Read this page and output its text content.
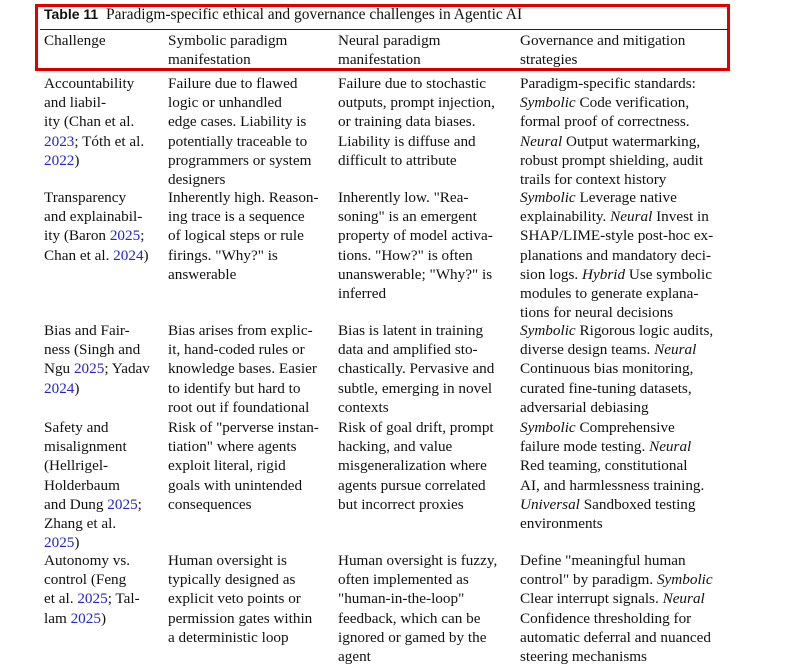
Table 11 Paradigm-specific ethical and governance challenges in Agentic AI
Challenge	Symbolic paradigm
manifestation
Neural paradigm
manifestation
Governance and mitigation
strategies
Accountability
and liabil-
ity (Chan et al.
2023; Tóth et al.
2022)
Failure due to flawed
logic or unhandled
edge cases. Liability is
potentially traceable to
programmers or system
designers
Failure due to stochastic
outputs, prompt injection,
or training data biases.
Liability is diffuse and
difficult to attribute
Paradigm-specific standards:
Symbolic Code verification,
formal proof of correctness.
Neural Output watermarking,
robust prompt shielding, audit
trails for context history
Transparency
and explainabil-
ity (Baron 2025;
Chan et al. 2024)
Inherently high. Reason-
ing trace is a sequence
of logical steps or rule
firings. "Why?" is
answerable
Inherently low. "Rea-
soning" is an emergent
property of model activa-
tions. "How?" is often
unanswerable; "Why?" is
inferred
Symbolic Leverage native
explainability. Neural Invest in
SHAP/LIME-style post-hoc ex-
planations and mandatory deci-
sion logs. Hybrid Use symbolic
modules to generate explana-
tions for neural decisions
Bias and Fair-
ness (Singh and
Ngu 2025; Yadav
2024)
Bias arises from explic-
it, hand-coded rules or
knowledge bases. Easier
to identify but hard to
root out if foundational
Bias is latent in training
data and amplified sto-
chastically. Pervasive and
subtle, emerging in novel
contexts
Symbolic Rigorous logic audits,
diverse design teams. Neural
Continuous bias monitoring,
curated fine-tuning datasets,
adversarial debiasing
Safety and
misalignment
(Hellrigel-
Holderbaum
and Dung 2025;
Zhang et al.
2025)
Risk of "perverse instan-
tiation" where agents
exploit literal, rigid
goals with unintended
consequences
Risk of goal drift, prompt
hacking, and value
misgeneralization where
agents pursue correlated
but incorrect proxies
Symbolic Comprehensive
failure mode testing. Neural
Red teaming, constitutional
AI, and harmlessness training.
Universal Sandboxed testing
environments
Autonomy vs.
control (Feng
et al. 2025; Tal-
lam 2025)
Human oversight is
typically designed as
explicit veto points or
permission gates within
a deterministic loop
Human oversight is fuzzy,
often implemented as
"human-in-the-loop"
feedback, which can be
ignored or gamed by the
agent
Define "meaningful human
control" by paradigm. Symbolic
Clear interrupt signals. Neural
Confidence thresholding for
automatic deferral and nuanced
steering mechanisms
